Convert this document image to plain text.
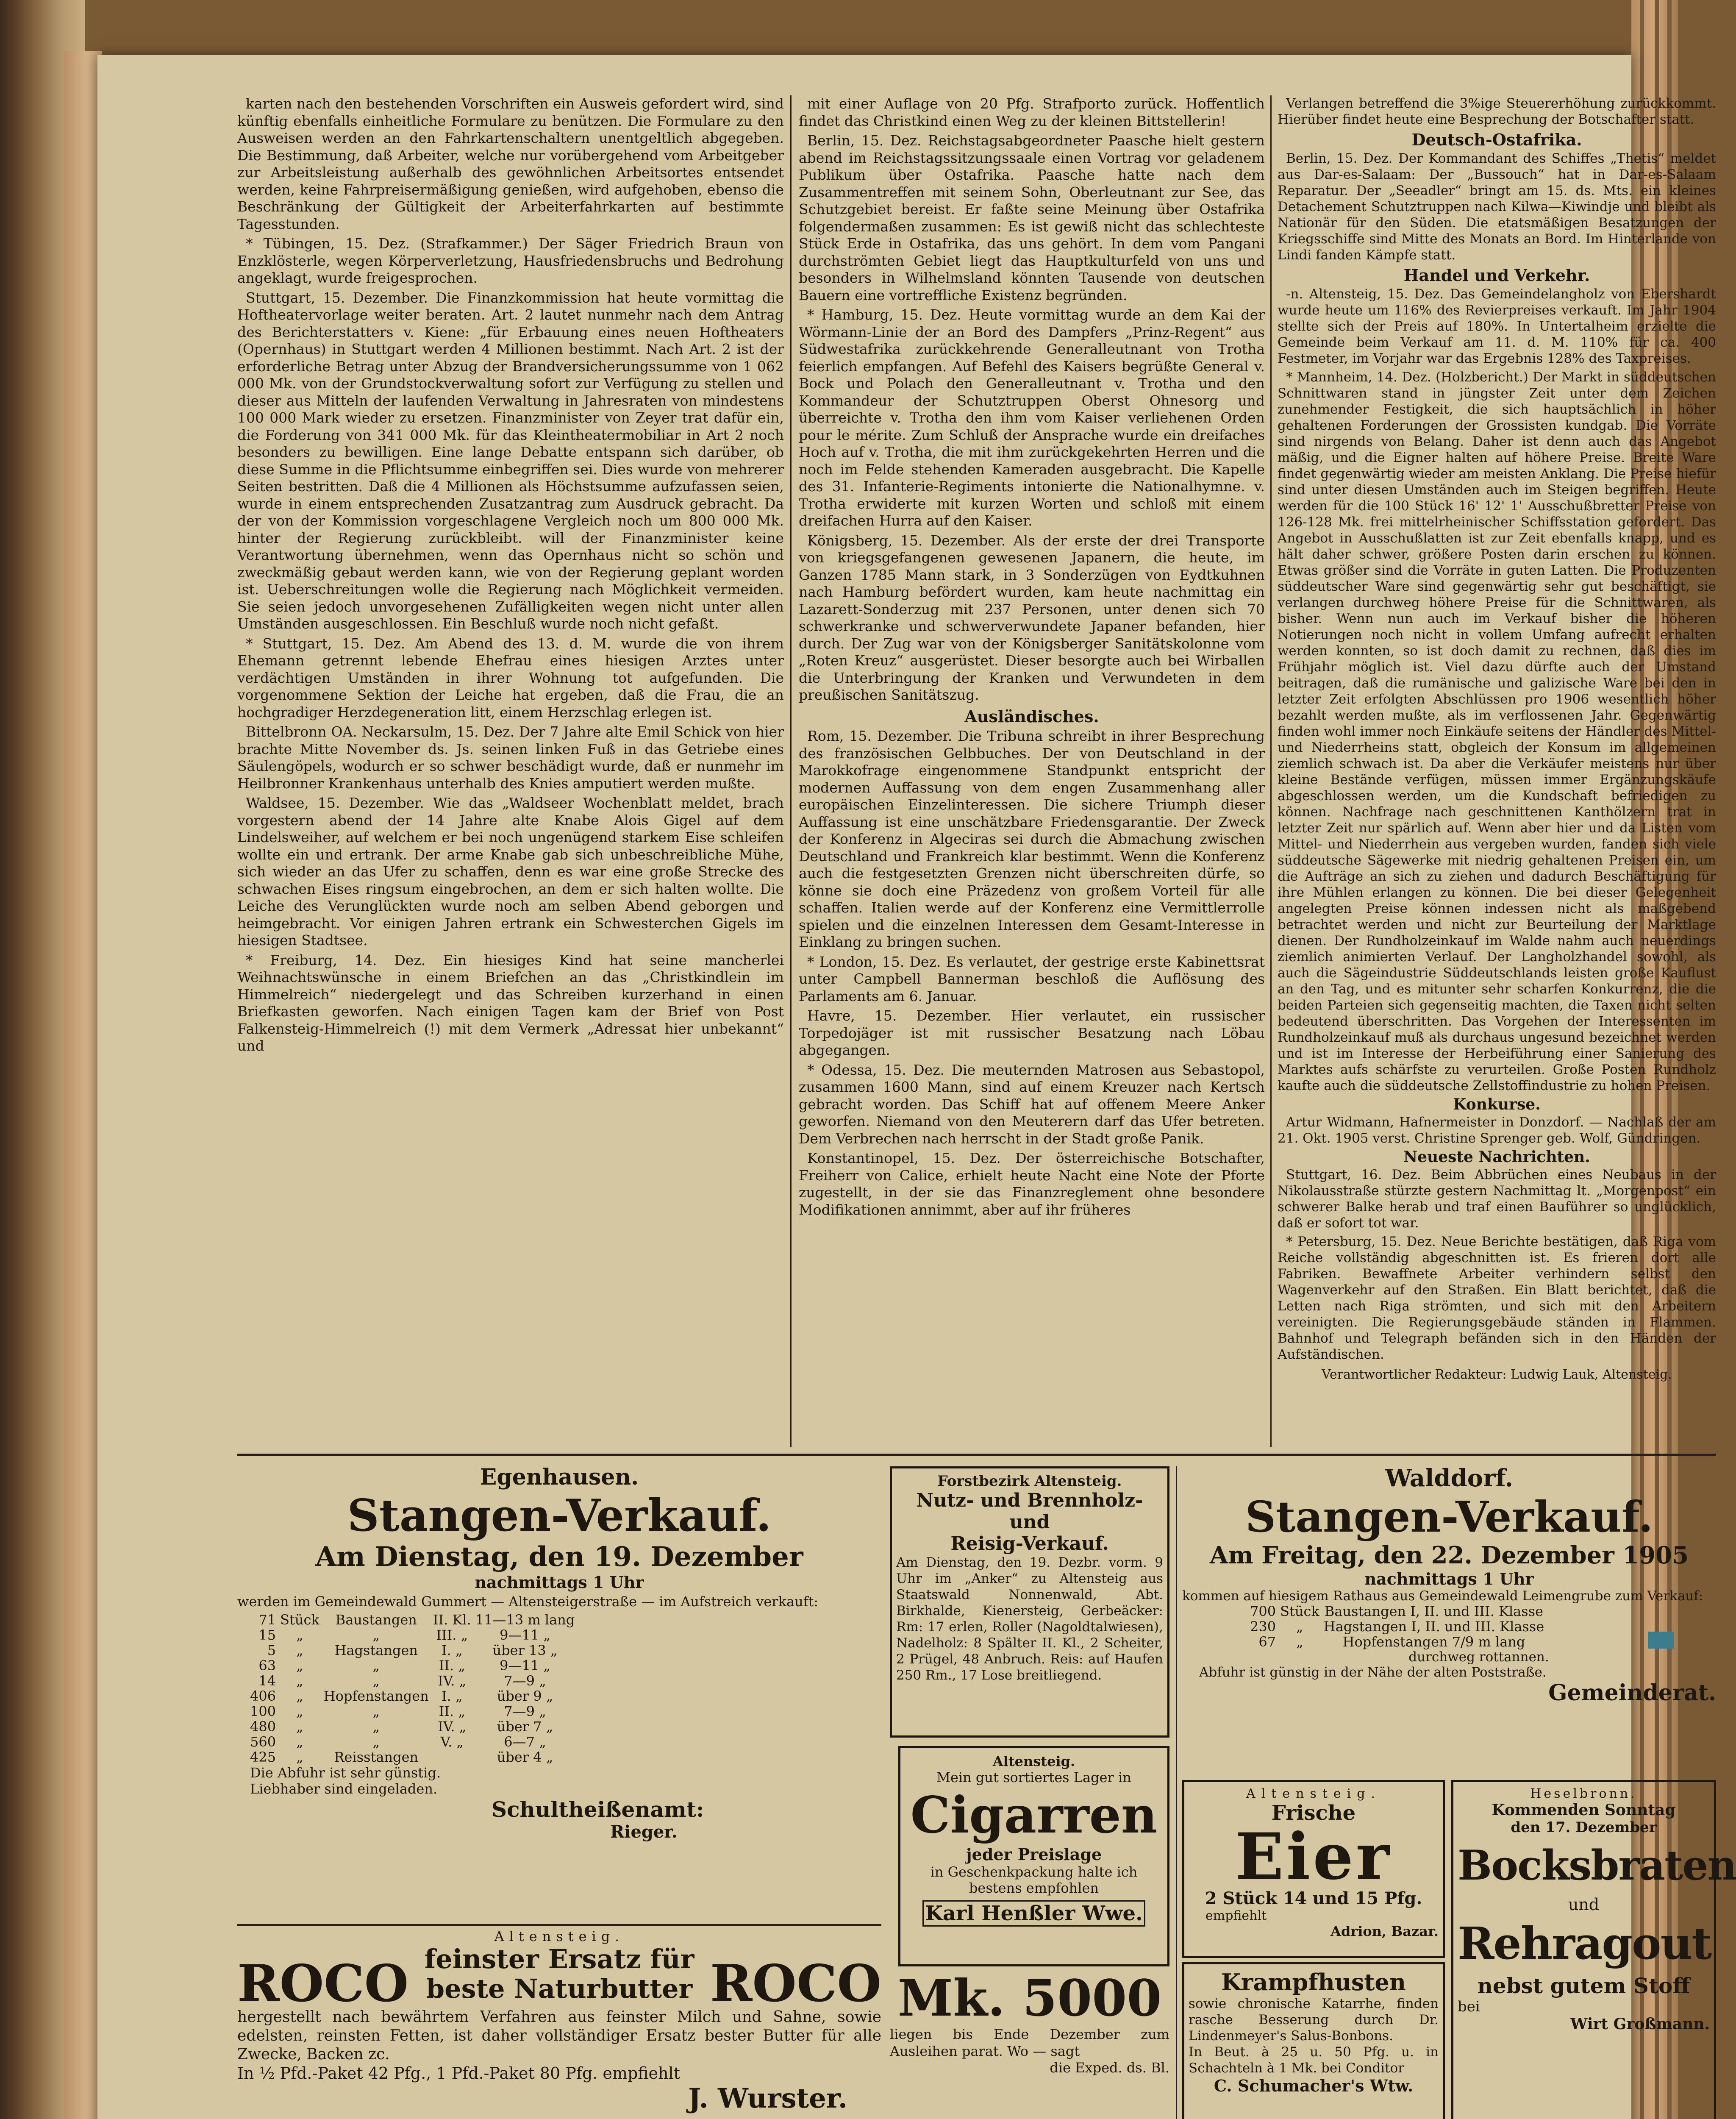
karten nach den bestehenden Vorschriften ein Ausweis gefordert wird, sind künftig ebenfalls einheitliche Formulare zu benützen. Die Formulare zu den Ausweisen werden an den Fahrkartenschaltern unentgeltlich abgegeben. Die Bestimmung, daß Arbeiter, welche nur vorübergehend vom Arbeitgeber zur Arbeitsleistung außerhalb des gewöhnlichen Arbeitsortes entsendet werden, keine Fahrpreisermäßigung genießen, wird aufgehoben, ebenso die Beschränkung der Gültigkeit der Arbeiterfahrkarten auf bestimmte Tagesstunden.

* Tübingen, 15. Dez. (Strafkammer.) Der Säger Friedrich Braun von Enzklösterle, wegen Körperverletzung, Hausfriedensbruchs und Bedrohung angeklagt, wurde freigesprochen.

Stuttgart, 15. Dezember. Die Finanzkommission hat heute vormittag die Hoftheatervorlage weiter beraten. Art. 2 lautet nunmehr nach dem Antrag des Berichterstatters v. Kiene: „für Erbauung eines neuen Hoftheaters (Opernhaus) in Stuttgart werden 4 Millionen bestimmt. Nach Art. 2 ist der erforderliche Betrag unter Abzug der Brandversicherungssumme von 1 062 000 Mk. von der Grundstockverwaltung sofort zur Verfügung zu stellen und dieser aus Mitteln der laufenden Verwaltung in Jahresraten von mindestens 100 000 Mark wieder zu ersetzen. Finanzminister von Zeyer trat dafür ein, die Forderung von 341 000 Mk. für das Kleintheatermobiliar in Art 2 noch besonders zu bewilligen. Eine lange Debatte entspann sich darüber, ob diese Summe in die Pflichtsumme einbegriffen sei. Dies wurde von mehrerer Seiten bestritten. Daß die 4 Millionen als Höchstsumme aufzufassen seien, wurde in einem entsprechenden Zusatzantrag zum Ausdruck gebracht. Da der von der Kommission vorgeschlagene Vergleich noch um 800 000 Mk. hinter der Regierung zurückbleibt. will der Finanzminister keine Verantwortung übernehmen, wenn das Opernhaus nicht so schön und zweckmäßig gebaut werden kann, wie von der Regierung geplant worden ist. Ueberschreitungen wolle die Regierung nach Möglichkeit vermeiden. Sie seien jedoch unvorgesehenen Zufälligkeiten wegen nicht unter allen Umständen ausgeschlossen. Ein Beschluß wurde noch nicht gefaßt.

* Stuttgart, 15. Dez. Am Abend des 13. d. M. wurde die von ihrem Ehemann getrennt lebende Ehefrau eines hiesigen Arztes unter verdächtigen Umständen in ihrer Wohnung tot aufgefunden. Die vorgenommene Sektion der Leiche hat ergeben, daß die Frau, die an hochgradiger Herzdegeneration litt, einem Herzschlag erlegen ist.

Bittelbronn OA. Neckarsulm, 15. Dez. Der 7 Jahre alte Emil Schick von hier brachte Mitte November ds. Js. seinen linken Fuß in das Getriebe eines Säulengöpels, wodurch er so schwer beschädigt wurde, daß er nunmehr im Heilbronner Krankenhaus unterhalb des Knies amputiert werden mußte.

Waldsee, 15. Dezember. Wie das „Waldseer Wochenblatt meldet, brach vorgestern abend der 14 Jahre alte Knabe Alois Gigel auf dem Lindelsweiher, auf welchem er bei noch ungenügend starkem Eise schleifen wollte ein und ertrank. Der arme Knabe gab sich unbeschreibliche Mühe, sich wieder an das Ufer zu schaffen, denn es war eine große Strecke des schwachen Eises ringsum eingebrochen, an dem er sich halten wollte. Die Leiche des Verunglückten wurde noch am selben Abend geborgen und heimgebracht. Vor einigen Jahren ertrank ein Schwesterchen Gigels im hiesigen Stadtsee.

* Freiburg, 14. Dez. Ein hiesiges Kind hat seine mancherlei Weihnachtswünsche in einem Briefchen an das „Christkindlein im Himmelreich“ niedergelegt und das Schreiben kurzerhand in einen Briefkasten geworfen. Nach einigen Tagen kam der Brief von Post Falkensteig-Himmelreich (!) mit dem Vermerk „Adressat hier unbekannt“ und

mit einer Auflage von 20 Pfg. Strafporto zurück. Hoffentlich findet das Christkind einen Weg zu der kleinen Bittstellerin!

Berlin, 15. Dez. Reichstagsabgeordneter Paasche hielt gestern abend im Reichstagssitzungssaale einen Vortrag vor geladenem Publikum über Ostafrika. Paasche hatte nach dem Zusammentreffen mit seinem Sohn, Oberleutnant zur See, das Schutzgebiet bereist. Er faßte seine Meinung über Ostafrika folgendermaßen zusammen: Es ist gewiß nicht das schlechteste Stück Erde in Ostafrika, das uns gehört. In dem vom Pangani durchströmten Gebiet liegt das Hauptkulturfeld von uns und besonders in Wilhelmsland könnten Tausende von deutschen Bauern eine vortreffliche Existenz begründen.

* Hamburg, 15. Dez. Heute vormittag wurde an dem Kai der Wörmann-Linie der an Bord des Dampfers „Prinz-Regent“ aus Südwestafrika zurückkehrende Generalleutnant von Trotha feierlich empfangen. Auf Befehl des Kaisers begrüßte General v. Bock und Polach den Generalleutnant v. Trotha und den Kommandeur der Schutztruppen Oberst Ohnesorg und überreichte v. Trotha den ihm vom Kaiser verliehenen Orden pour le mérite. Zum Schluß der Ansprache wurde ein dreifaches Hoch auf v. Trotha, die mit ihm zurückgekehrten Herren und die noch im Felde stehenden Kameraden ausgebracht. Die Kapelle des 31. Infanterie-Regiments intonierte die Nationalhymne. v. Trotha erwiderte mit kurzen Worten und schloß mit einem dreifachen Hurra auf den Kaiser.

Königsberg, 15. Dezember. Als der erste der drei Transporte von kriegsgefangenen gewesenen Japanern, die heute, im Ganzen 1785 Mann stark, in 3 Sonderzügen von Eydtkuhnen nach Hamburg befördert wurden, kam heute nachmittag ein Lazarett-Sonderzug mit 237 Personen, unter denen sich 70 schwerkranke und schwerverwundete Japaner befanden, hier durch. Der Zug war von der Königsberger Sanitätskolonne vom „Roten Kreuz“ ausgerüstet. Dieser besorgte auch bei Wirballen die Unterbringung der Kranken und Verwundeten in dem preußischen Sanitätszug.

Ausländisches.

Rom, 15. Dezember. Die Tribuna schreibt in ihrer Besprechung des französischen Gelbbuches. Der von Deutschland in der Marokkofrage eingenommene Standpunkt entspricht der modernen Auffassung von dem engen Zusammenhang aller europäischen Einzelinteressen. Die sichere Triumph dieser Auffassung ist eine unschätzbare Friedensgarantie. Der Zweck der Konferenz in Algeciras sei durch die Abmachung zwischen Deutschland und Frankreich klar bestimmt. Wenn die Konferenz auch die festgesetzten Grenzen nicht überschreiten dürfe, so könne sie doch eine Präzedenz von großem Vorteil für alle schaffen. Italien werde auf der Konferenz eine Vermittlerrolle spielen und die einzelnen Interessen dem Gesamt-Interesse in Einklang zu bringen suchen.

* London, 15. Dez. Es verlautet, der gestrige erste Kabinettsrat unter Campbell Bannerman beschloß die Auflösung des Parlaments am 6. Januar.

Havre, 15. Dezember. Hier verlautet, ein russischer Torpedojäger ist mit russischer Besatzung nach Löbau abgegangen.

* Odessa, 15. Dez. Die meuternden Matrosen aus Sebastopol, zusammen 1600 Mann, sind auf einem Kreuzer nach Kertsch gebracht worden. Das Schiff hat auf offenem Meere Anker geworfen. Niemand von den Meuterern darf das Ufer betreten. Dem Verbrechen nach herrscht in der Stadt große Panik.

Konstantinopel, 15. Dez. Der österreichische Botschafter, Freiherr von Calice, erhielt heute Nacht eine Note der Pforte zugestellt, in der sie das Finanzreglement ohne besondere Modifikationen annimmt, aber auf ihr früheres

Verlangen betreffend die 3%ige Steuererhöhung zurückkommt. Hierüber findet heute eine Besprechung der Botschafter statt.

Deutsch-Ostafrika.

Berlin, 15. Dez. Der Kommandant des Schiffes „Thetis“ meldet aus Dar-es-Salaam: Der „Bussouch“ hat in Dar-es-Salaam Reparatur. Der „Seeadler“ bringt am 15. ds. Mts. ein kleines Detachement Schutztruppen nach Kilwa—Kiwindje und bleibt als Nationär für den Süden. Die etatsmäßigen Besatzungen der Kriegsschiffe sind Mitte des Monats an Bord. Im Hinterlande von Lindi fanden Kämpfe statt.

Handel und Verkehr.

-n. Altensteig, 15. Dez. Das Gemeindelangholz von Ebershardt wurde heute um 116% des Revierpreises verkauft. Im Jahr 1904 stellte sich der Preis auf 180%. In Untertalheim erzielte die Gemeinde beim Verkauf am 11. d. M. 110% für ca. 400 Festmeter, im Vorjahr war das Ergebnis 128% des Taxpreises.

* Mannheim, 14. Dez. (Holzbericht.) Der Markt in süddeutschen Schnittwaren stand in jüngster Zeit unter dem Zeichen zunehmender Festigkeit, die sich hauptsächlich in höher gehaltenen Forderungen der Grossisten kundgab. Die Vorräte sind nirgends von Belang. Daher ist denn auch das Angebot mäßig, und die Eigner halten auf höhere Preise. Breite Ware findet gegenwärtig wieder am meisten Anklang. Die Preise hiefür sind unter diesen Umständen auch im Steigen begriffen. Heute werden für die 100 Stück 16' 12' 1' Ausschußbretter Preise von 126-128 Mk. frei mittelrheinischer Schiffsstation gefordert. Das Angebot in Ausschußlatten ist zur Zeit ebenfalls knapp, und es hält daher schwer, größere Posten darin erschen zu können. Etwas größer sind die Vorräte in guten Latten. Die Produzenten süddeutscher Ware sind gegenwärtig sehr gut beschäftigt, sie verlangen durchweg höhere Preise für die Schnittwaren, als bisher. Wenn nun auch im Verkauf bisher die höheren Notierungen noch nicht in vollem Umfang aufrecht erhalten werden konnten, so ist doch damit zu rechnen, daß dies im Frühjahr möglich ist. Viel dazu dürfte auch der Umstand beitragen, daß die rumänische und galizische Ware bei den in letzter Zeit erfolgten Abschlüssen pro 1906 wesentlich höher bezahlt werden mußte, als im verflossenen Jahr. Gegenwärtig finden wohl immer noch Einkäufe seitens der Händler des Mittel- und Niederrheins statt, obgleich der Konsum im allgemeinen ziemlich schwach ist. Da aber die Verkäufer meistens nur über kleine Bestände verfügen, müssen immer Ergänzungskäufe abgeschlossen werden, um die Kundschaft befriedigen zu können. Nachfrage nach geschnittenen Kanthölzern trat in letzter Zeit nur spärlich auf. Wenn aber hier und da Listen vom Mittel- und Niederrhein aus vergeben wurden, fanden sich viele süddeutsche Sägewerke mit niedrig gehaltenen Preisen ein, um die Aufträge an sich zu ziehen und dadurch Beschäftigung für ihre Mühlen erlangen zu können. Die bei dieser Gelegenheit angelegten Preise können indessen nicht als maßgebend betrachtet werden und nicht zur Beurteilung der Marktlage dienen. Der Rundholzeinkauf im Walde nahm auch neuerdings ziemlich animierten Verlauf. Der Langholzhandel sowohl, als auch die Sägeindustrie Süddeutschlands leisten große Kauflust an den Tag, und es mitunter sehr scharfen Konkurrenz, die die beiden Parteien sich gegenseitig machten, die Taxen nicht selten bedeutend überschritten. Das Vorgehen der Interessenten im Rundholzeinkauf muß als durchaus ungesund bezeichnet werden und ist im Interesse der Herbeiführung einer Sanierung des Marktes aufs schärfste zu verurteilen. Große Posten Rundholz kaufte auch die süddeutsche Zellstoffindustrie zu hohen Preisen.

Konkurse.

Artur Widmann, Hafnermeister in Donzdorf. — Nachlaß der am 21. Okt. 1905 verst. Christine Sprenger geb. Wolf, Gündringen.

Neueste Nachrichten.

Stuttgart, 16. Dez. Beim Abbrüchen eines Neubaus in der Nikolausstraße stürzte gestern Nachmittag lt. „Morgenpost“ ein schwerer Balke herab und traf einen Bauführer so unglücklich, daß er sofort tot war.

* Petersburg, 15. Dez. Neue Berichte bestätigen, daß Riga vom Reiche vollständig abgeschnitten ist. Es frieren dort alle Fabriken. Bewaffnete Arbeiter verhindern selbst den Wagenverkehr auf den Straßen. Ein Blatt berichtet, daß die Letten nach Riga strömten, und sich mit den Arbeitern vereinigten. Die Regierungsgebäude ständen in Flammen. Bahnhof und Telegraph befänden sich in den Händen der Aufständischen.

Verantwortlicher Redakteur: Ludwig Lauk, Altensteig.

Egenhausen.
Stangen-Verkauf.
Am Dienstag, den 19. Dezember
nachmittags 1 Uhr
werden im Gemeindewald Gummert — Altensteigerstraße — im Aufstreich verkauft:
71	Stück	Baustangen	II. Kl.	11—13 m lang
15	„	„	III. „	9—11 „
5	„	Hagstangen	I. „	über 13 „
63	„	„	II. „	9—11 „
14	„	„	IV. „	7—9 „
406	„	Hopfenstangen	I. „	über 9 „
100	„	„	II. „	7—9 „
480	„	„	IV. „	über 7 „
560	„	„	V. „	6—7 „
425	„	Reisstangen		über 4 „
Die Abfuhr ist sehr günstig.
Liebhaber sind eingeladen.
Schultheißenamt:
Rieger.
Altensteig.
ROCO	ROCO
feinster Ersatz für
beste Naturbutter
hergestellt nach bewährtem Verfahren aus feinster Milch und Sahne, sowie edelsten, reinsten Fetten, ist daher vollständiger Ersatz bester Butter für alle Zwecke, Backen zc.
In ½ Pfd.-Paket 42 Pfg., 1 Pfd.-Paket 80 Pfg. empfiehlt
J. Wurster.
Forstbezirk Altensteig.
Nutz- und Brennholz- und
Reisig-Verkauf.
Am Dienstag, den 19. Dezbr. vorm. 9 Uhr im „Anker“ zu Altensteig aus Staatswald Nonnenwald, Abt. Birkhalde, Kienersteig, Gerbeäcker: Rm: 17 erlen, Roller (Nagoldtalwiesen), Nadelholz: 8 Spälter II. Kl., 2 Scheiter, 2 Prügel, 48 Anbruch. Reis: auf Haufen 250 Rm., 17 Lose breitliegend.
Altensteig.
Mein gut sortiertes Lager in
Cigarren
jeder Preislage
in Geschenkpackung halte ich bestens empfohlen
Karl Henßler Wwe.
Mk. 5000
liegen bis Ende Dezember zum Ausleihen parat. Wo — sagt
die Exped. ds. Bl.
Walddorf.
Stangen-Verkauf.
Am Freitag, den 22. Dezember 1905
nachmittags 1 Uhr
kommen auf hiesigem Rathaus aus Gemeindewald Leimengrube zum Verkauf:
700	Stück	Baustangen I, II. und III. Klasse
230	„	Hagstangen I, II. und III. Klasse
67	„	Hopfenstangen 7/9 m lang
durchweg rottannen.
Abfuhr ist günstig in der Nähe der alten Poststraße.
Gemeinderat.
Altensteig.
Frische
Eier
2 Stück 14 und 15 Pfg.
empfiehlt
Adrion, Bazar.
Krampfhusten
sowie chronische Katarrhe, finden rasche Besserung durch Dr. Lindenmeyer's Salus-Bonbons.
In Beut. à 25 u. 50 Pfg. u. in Schachteln à 1 Mk. bei Conditor
C. Schumacher's Wtw.
Heselbronn.
Kommenden Sonntag
den 17. Dezember
Bocksbraten
und
Rehragout
nebst gutem Stoff
bei
Wirt Großmann.
